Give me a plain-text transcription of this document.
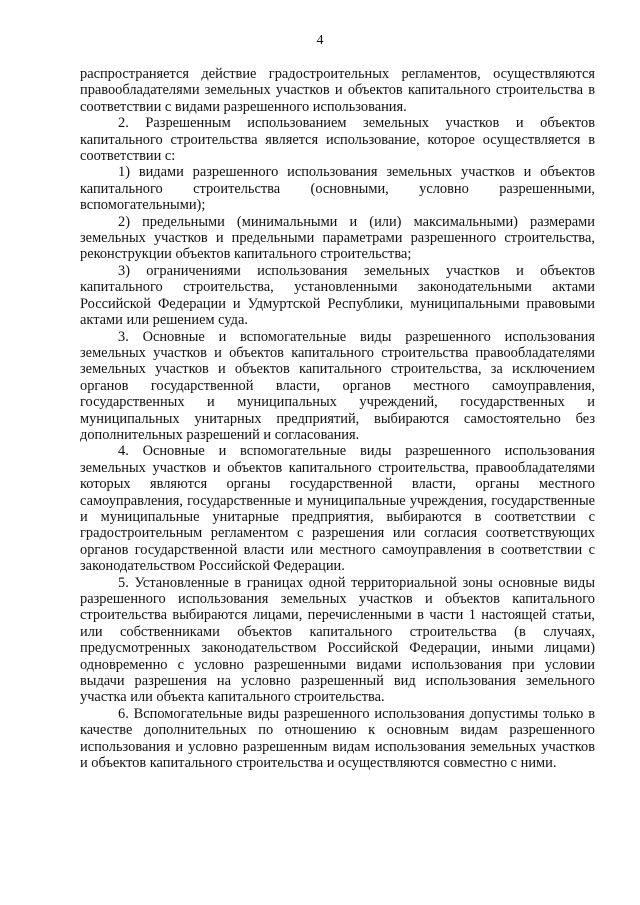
4

распространяется действие градостроительных регламентов, осуществляются правообладателями земельных участков и объектов капитального строительства в соответствии с видами разрешенного использования.

2. Разрешенным использованием земельных участков и объектов капитального строительства является использование, которое осуществляется в соответствии с:

1) видами разрешенного использования земельных участков и объектов капитального строительства (основными, условно разрешенными, вспомогательными);

2) предельными (минимальными и (или) максимальными) размерами земельных участков и предельными параметрами разрешенного строительства, реконструкции объектов капитального строительства;

3) ограничениями использования земельных участков и объектов капитального строительства, установленными законодательными актами Российской Федерации и Удмуртской Республики, муниципальными правовыми актами или решением суда.

3. Основные и вспомогательные виды разрешенного использования земельных участков и объектов капитального строительства правообладателями земельных участков и объектов капитального строительства, за исключением органов государственной власти, органов местного самоуправления, государственных и муниципальных учреждений, государственных и муниципальных унитарных предприятий, выбираются самостоятельно без дополнительных разрешений и согласования.

4. Основные и вспомогательные виды разрешенного использования земельных участков и объектов капитального строительства, правообладателями которых являются органы государственной власти, органы местного самоуправления, государственные и муниципальные учреждения, государственные и муниципальные унитарные предприятия, выбираются в соответствии с градостроительным регламентом с разрешения или согласия соответствующих органов государственной власти или местного самоуправления в соответствии с законодательством Российской Федерации.

5. Установленные в границах одной территориальной зоны основные виды разрешенного использования земельных участков и объектов капитального строительства выбираются лицами, перечисленными в части 1 настоящей статьи, или собственниками объектов капитального строительства (в случаях, предусмотренных законодательством Российской Федерации, иными лицами) одновременно с условно разрешенными видами использования при условии выдачи разрешения на условно разрешенный вид использования земельного участка или объекта капитального строительства.

6. Вспомогательные виды разрешенного использования допустимы только в качестве дополнительных по отношению к основным видам разрешенного использования и условно разрешенным видам использования земельных участков и объектов капитального строительства и осуществляются совместно с ними.
